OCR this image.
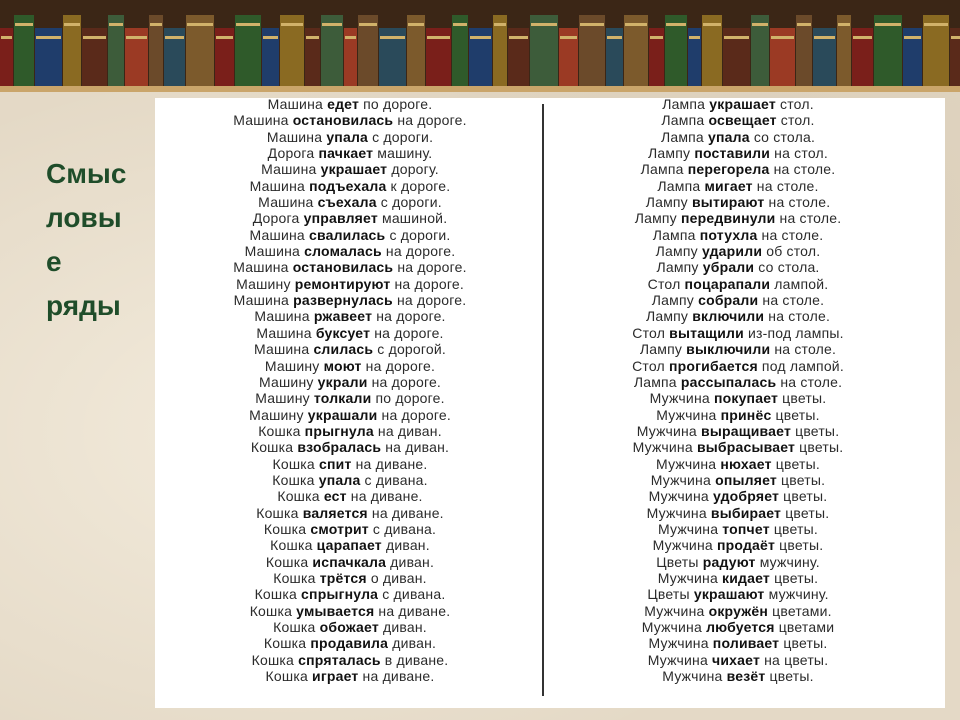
Смыс
ловы
е
ряды
Машина едет по дороге.
Машина остановилась на дороге.
Машина упала с дороги.
Дорога пачкает машину.
Машина украшает дорогу.
Машина подъехала к дороге.
Машина съехала с дороги.
Дорога управляет машиной.
Машина свалилась с дороги.
Машина сломалась на дороге.
Машина остановилась на дороге.
Машину ремонтируют на дороге.
Машина развернулась на дороге.
Машина ржавеет на дороге.
Машина буксует на дороге.
Машина слилась с дорогой.
Машину моют на дороге.
Машину украли на дороге.
Машину толкали по дороге.
Машину украшали на дороге.
Кошка прыгнула на диван.
Кошка взобралась на диван.
Кошка спит на диване.
Кошка упала с дивана.
Кошка ест на диване.
Кошка валяется на диване.
Кошка смотрит с дивана.
Кошка царапает диван.
Кошка испачкала диван.
Кошка трётся о диван.
Кошка спрыгнула с дивана.
Кошка умывается на диване.
Кошка обожает диван.
Кошка продавила диван.
Кошка спряталась в диване.
Кошка играет на диване.
Лампа украшает стол.
Лампа освещает стол.
Лампа упала со стола.
Лампу поставили на стол.
Лампа перегорела на столе.
Лампа мигает на столе.
Лампу вытирают на столе.
Лампу передвинули на столе.
Лампа потухла на столе.
Лампу ударили об стол.
Лампу убрали со стола.
Стол поцарапали лампой.
Лампу собрали на столе.
Лампу включили на столе.
Стол вытащили из-под лампы.
Лампу выключили на столе.
Стол прогибается под лампой.
Лампа рассыпалась на столе.
Мужчина покупает цветы.
Мужчина принёс цветы.
Мужчина выращивает цветы.
Мужчина выбрасывает цветы.
Мужчина нюхает цветы.
Мужчина опыляет цветы.
Мужчина удобряет цветы.
Мужчина выбирает цветы.
Мужчина топчет цветы.
Мужчина продаёт цветы.
Цветы радуют мужчину.
Мужчина кидает цветы.
Цветы украшают мужчину.
Мужчина окружён цветами.
Мужчина любуется цветами
Мужчина поливает цветы.
Мужчина чихает на цветы.
Мужчина везёт цветы.
